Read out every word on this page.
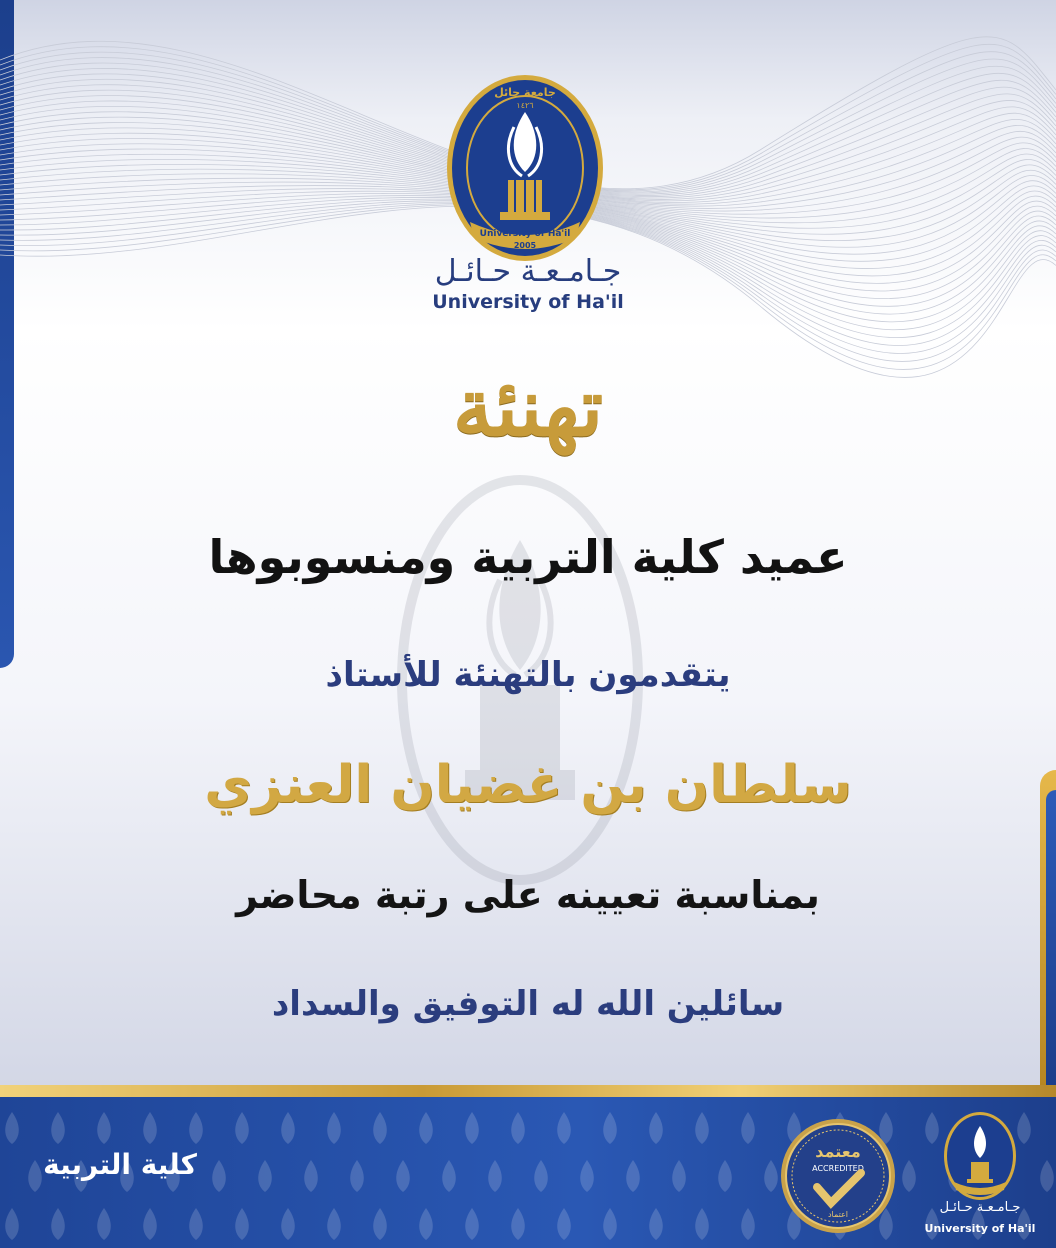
University of Ha'il
2005
جامعة حائل
١٤٢٦
جـامـعـة حـائـل
University of Ha'il

تهنئة

عميد كلية التربية ومنسوبوها

يتقدمون بالتهنئة للأستاذ

سلطان بن غضيان العنزي

بمناسبة تعيينه على رتبة محاضر

سائلين الله له التوفيق والسداد

كلية التربية	معتمد
ACCREDITED
اعتماد	جـامـعـة حـائـل
University of Ha'il
